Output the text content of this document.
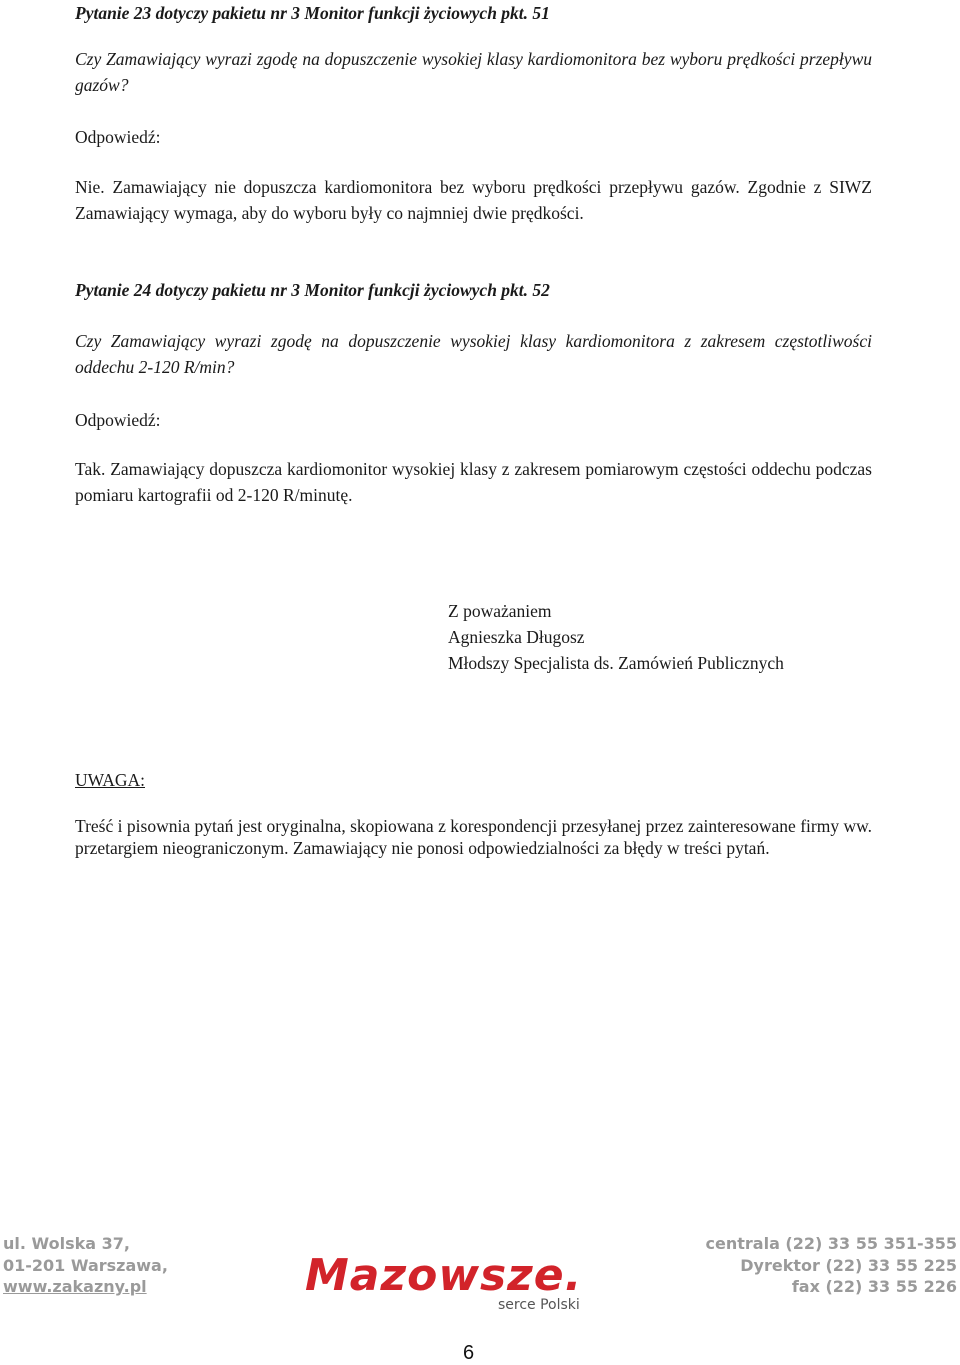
Pytanie 23 dotyczy pakietu nr 3 Monitor funkcji życiowych pkt. 51
Czy Zamawiający wyrazi zgodę na dopuszczenie wysokiej klasy kardiomonitora bez wyboru prędkości przepływu gazów?
Odpowiedź:
Nie. Zamawiający nie dopuszcza kardiomonitora bez wyboru prędkości przepływu gazów. Zgodnie z SIWZ Zamawiający wymaga, aby do wyboru były co najmniej dwie prędkości.
Pytanie 24 dotyczy pakietu nr 3 Monitor funkcji życiowych pkt. 52
Czy Zamawiający wyrazi zgodę na dopuszczenie wysokiej klasy kardiomonitora z zakresem częstotliwości oddechu 2-120 R/min?
Odpowiedź:
Tak. Zamawiający dopuszcza kardiomonitor wysokiej klasy z zakresem pomiarowym częstości oddechu podczas pomiaru kartografii od 2-120 R/minutę.
Z poważaniem
Agnieszka Długosz
Młodszy Specjalista ds. Zamówień Publicznych
UWAGA:
Treść i pisownia pytań jest oryginalna, skopiowana z korespondencji przesyłanej przez zainteresowane firmy ww. przetargiem nieograniczonym. Zamawiający nie ponosi odpowiedzialności za błędy w treści pytań.
ul. Wolska 37,
01-201 Warszawa,
www.zakazny.pl	Mazowsze.
serce Polski
centrala (22) 33 55 351-355
Dyrektor (22) 33 55 225
fax (22) 33 55 226
6
